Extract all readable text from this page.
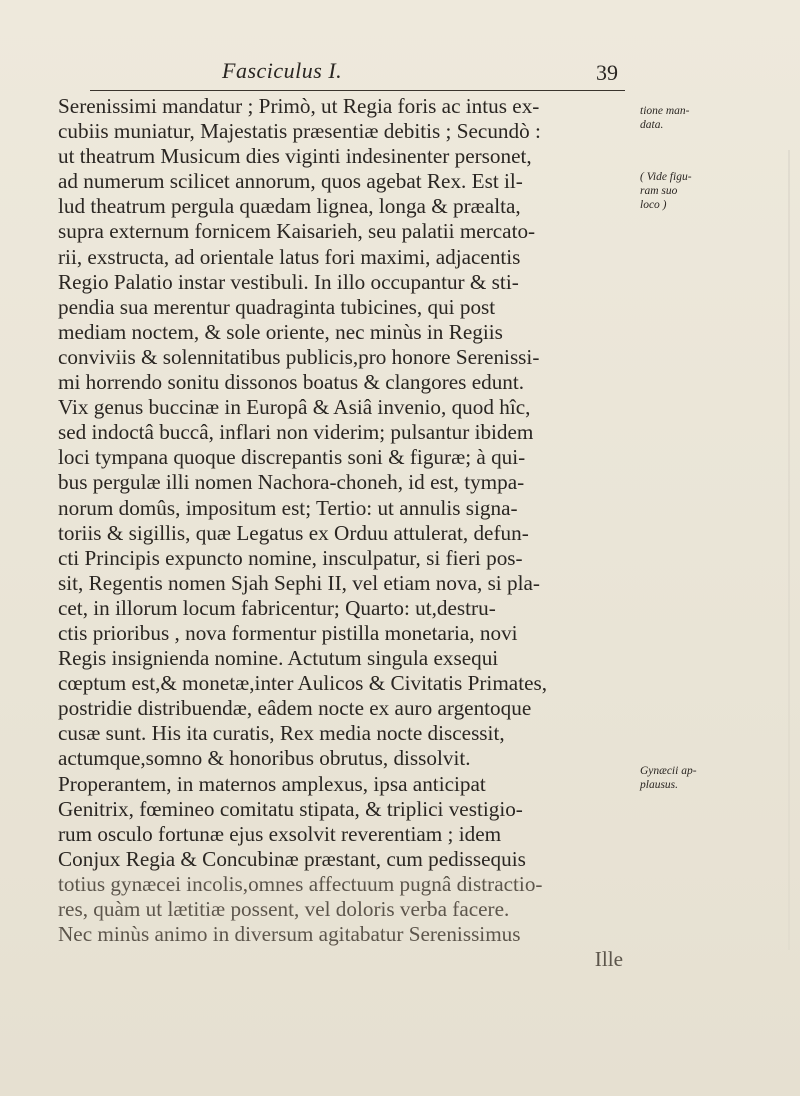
Fasciculus I.	39
Serenissimi mandatur ; Primò, ut Regia foris ac intus ex-
cubiis muniatur, Majestatis præsentiæ debitis ; Secundò :
ut theatrum Musicum dies viginti indesinenter personet,
ad numerum scilicet annorum, quos agebat Rex. Est il-
lud theatrum pergula quædam lignea, longa & præalta,
supra externum fornicem Kaisarieh, seu palatii mercato-
rii, exstructa, ad orientale latus fori maximi, adjacentis
Regio Palatio instar vestibuli. In illo occupantur & sti-
pendia sua merentur quadraginta tubicines, qui post
mediam noctem, & sole oriente, nec minùs in Regiis
conviviis & solennitatibus publicis,pro honore Serenissi-
mi horrendo sonitu dissonos boatus & clangores edunt.
Vix genus buccinæ in Europâ & Asiâ invenio, quod hîc,
sed indoctâ buccâ, inflari non viderim; pulsantur ibidem
loci tympana quoque discrepantis soni & figuræ; à qui-
bus pergulæ illi nomen Nachora-choneh, id est, tympa-
norum domûs, impositum est; Tertio: ut annulis signa-
toriis & sigillis, quæ Legatus ex Orduu attulerat, defun-
cti Principis expuncto nomine, insculpatur, si fieri pos-
sit, Regentis nomen Sjah Sephi II, vel etiam nova, si pla-
cet, in illorum locum fabricentur; Quarto: ut,destru-
ctis prioribus , nova formentur pistilla monetaria, novi
Regis insignienda nomine. Actutum singula exsequi
cœptum est,& monetæ,inter Aulicos & Civitatis Primates,
postridie distribuendæ, eâdem nocte ex auro argentoque
cusæ sunt. His ita curatis, Rex media nocte discessit,
actumque,somno & honoribus obrutus, dissolvit.
Properantem, in maternos amplexus, ipsa anticipat
Genitrix, fœmineo comitatu stipata, & triplici vestigio-
rum osculo fortunæ ejus exsolvit reverentiam ; idem
Conjux Regia & Concubinæ præstant, cum pedissequis
totius gynæcei incolis,omnes affectuum pugnâ distractio-
res, quàm ut lætitiæ possent, vel doloris verba facere.
Nec minùs animo in diversum agitabatur Serenissimus
Ille
tione man-
data.
( Vide figu-
ram suo
loco )
Gynæcii ap-
plausus.
